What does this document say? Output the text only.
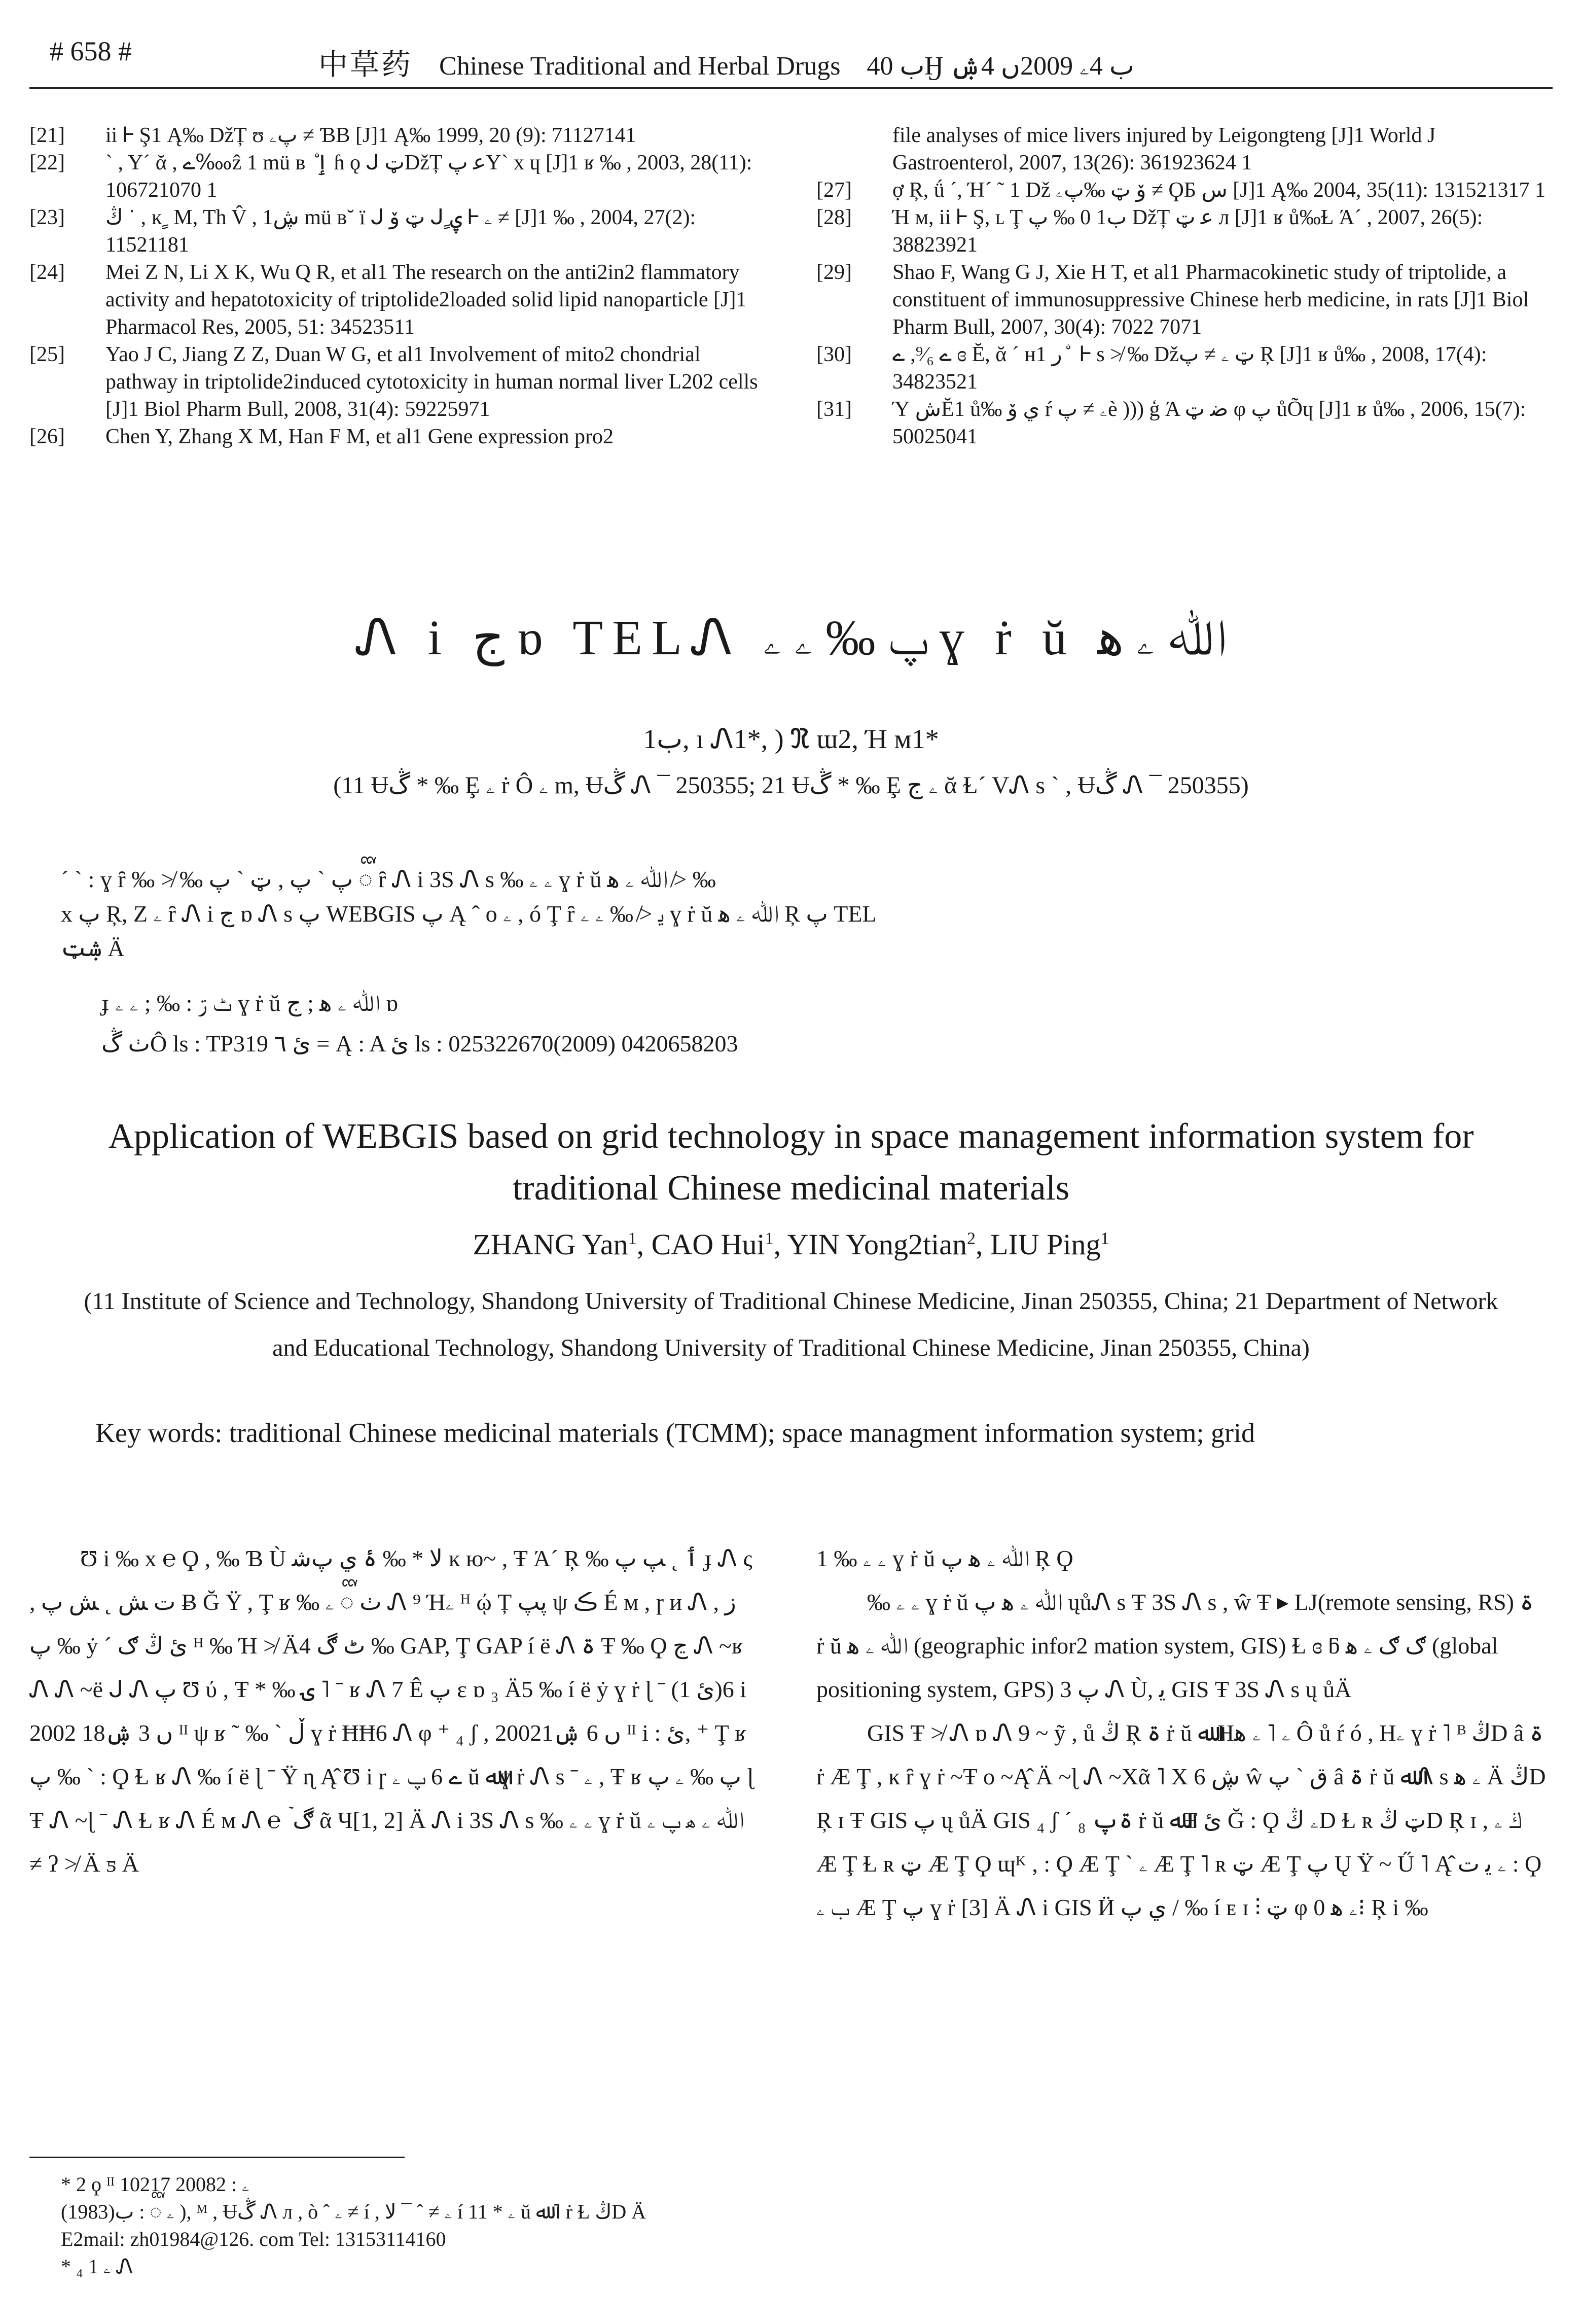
# 658 #	中草药 Chinese Traditional and Herbal Drugs ب 40Ӈ ب 4ۦ 2009ں 4ۺ
[21]	ii Ꮀ Ş1 Ą‰ DžȚ ʊ پۦ ≠ ƁB [J]1 Ą‰ 1999, 20 (9): 71127141
[22]	ˋ , Υ´ ᾰ , ے‱ẑ 1 mü ʙ ۨ ٳ ɦ ǫ ᒍ ټDžȚ ﻋ پΥˋ x ɥ [J]1 ʁ ‰ , 2003, 28(11): 106721070 1
[23]	ڭ ˙ , ĸ ٍ M, Th V̂ , ڜ1 mü ʙ˘ ї ᒍ ټ ۆ ᒍ ٍۑ Ꮀ ۦ ≠ [J]1 ‰ , 2004, 27(2): 11521181
[24]	Mei Z N, Li X K, Wu Q R, et al1 The research on the anti2in2 flammatory activity and hepatotoxicity of triptolide2loaded solid lipid nanoparticle [J]1 Pharmacol Res, 2005, 51: 34523511
[25]	Yao J C, Jiang Z Z, Duan W G, et al1 Involvement of mito2 chondrial pathway in triptolide2induced cytotoxicity in human normal liver L202 cells [J]1 Biol Pharm Bull, 2008, 31(4): 59225971
[26]	Chen Y, Zhang X M, Han F M, et al1 Gene expression pro2
file analyses of mice livers injured by Leigongteng [J]1 World J Gastroenterol, 2007, 13(26): 361923624 1
[27]	ợ Ŗ, ǘ ´, Ή´ ˜ 1 Dž ۆ ټ ‰پۦ ≠ ϘƂ س [J]1 Ą‰ 2004, 35(11): 131521317 1
[28]	Ή ᴍ, ii Ꮀ Ş, ʟ Ţ ب1 0 ‰ پ DžȚ ﻋ ټ л [J]1 ʁ ů‰Ɫ Ά´ , 2007, 26(5): 38823921
[29]	Shao F, Wang G J, Xie H T, et al1 Pharmacokinetic study of triptolide, a constituent of immunosuppressive Chinese herb medicine, in rats [J]1 Biol Pharm Bull, 2007, 30(4): 7022 7071
[30]	ے ⁹⁄₆, ے ɞ Ĕ, ᾰ ´ ʜ1 ﺭ ۨ Ꮀ s ≯ ‰ Džټ ۦ ≠ پ Ŗ [J]1 ʁ ů‰ , 2008, 17(4): 34823521
[31]	Ύ شĔ1 ů‰ ي ۆ ŕ ۦ ≠ پè ))) ģ Ά ﺿ ټ φ پ ůÕɥ [J]1 ʁ ů‰ , 2006, 15(7): 50025041
Ꮑ i ج ɒ TELᏁ پ ‰ ۦ ۦ ɣ ṙ ŭ ﷲ ۦ ﻫ
ب1, ı Ꮑ1*, ) ℜ ɯ2, Ή ᴍ1*
(11 Ʉڴ * ‰ Ȩ ۦ ṙ Ô ۦ m, Ʉڴ Ꮑ ¯ 250355; 21 Ʉڴ * ‰ Ȩ ۦ ج ᾰ Ɫ´ VᏁ s ˋ , Ʉڴ Ꮑ ¯ 250355)
ˊ ˋ : ɣ ȓ ‰ ≯ ‰ پ ˋ پ , ټ ˋ پ ᢅ ȓ Ꮑ i 3S Ꮑ s ‰ ۦ ۦ ɣ ṙ ŭ ﷲ ۦ ﻫ ≯ ‰
x پ Ŗ, Z ۦ ȓ Ꮑ i ج ɒ Ꮑ s پ WEBGIS پ Ą ˆ o ۦ , ó Ţ ȓ ﻳ ≯ ‰ ۦ ۦ ɣ ṙ ŭ ﷲ ۦ ﻫ Ŗ پ TEL
ۺټ Ä
ɟ ٹ ڗ : ‰ ; ۦ ۦ ɣ ṙ ŭ ﷲ ۦ ﻫ ; ج ɒ
ٺ ڴÔ ls : TP319 ئ ٦ = Ą : A ئ ls : 025322670(2009) 0420658203
Application of WEBGIS based on grid technology in space management information system for traditional Chinese medicinal materials
ZHANG Yan$^1$, CAO Hui$^1$, YIN Yong2tian$^2$, LIU Ping$^1$
(11 Institute of Science and Technology, Shandong University of Traditional Chinese Medicine, Jinan 250355, China; 21 Department of Network and Educational Technology, Shandong University of Traditional Chinese Medicine, Jinan 250355, China)
Key words: traditional Chinese medicinal materials (TCMM); space managment information system; grid

Ʊ i ‰ x ℮ Ϙ , ‰ Ɓ Ù ﻻ * ‰ ۂ ي پﺷ ĸ ю~ , Ŧ Ά´ Ŗ ‰ ٲ ˛ ﭗ پ ɟ Ꮑ ς , ت ﺶ ˛ ﺶ پ Ƀ Ğ Ϋ , Ţ ʁ ‰ ٺ ᢅ ۦ Ꮑ ⁹ Ήۦ ᴴ ῴ Ț پپ ψ ڪ É ᴍ , ɼ ᴎ Ꮑ ﺯ , ‰ پ ẏ ´ ئ ڭ ګ ᴴ ‰ Ή ≯ Ä4 ٹ ڰ ‰ GAP, Ţ GAP í ё Ꮑ ۃ Ŧ ‰ Ϙ ڃ Ꮑ ~ʁ Ꮑ Ꮑ ~ё ᒍ Ꮑ پ Ʊ ύ , Ŧ * ‰ ۍ ˥ ˉ ʁ Ꮑ 7 Ê پ ɛ ɒ ₃ Ä5 ‰ í ё ẏ ɣ ṙ ɭ ˉ (1 ئ)6 i 2002 ں 3 ۺ18 ᴵᴵ ψ ʁ ˜ ‰ ˋ ڵ ɣ ṙ ĦĦ6 Ꮑ φ ⁺ ₄ ʃ , 2002ں 6 ۺ1 ᴵᴵ i : ئ, ⁺ Ţ ʁ پ ‰ ˋ : Ϙ Ɫ ʁ Ꮑ ‰ í ё ɭ ˉ Ϋ ɳ Ą̂ Ʊ i ɼ ے 6 پ ۦ ŭ ﷲɣ ṙ Ꮑ s ˉ ۦ , Ŧ ʁ پ ‰ ۦ پ ɭ Ŧ Ꮑ ~ɭ ˉ Ꮑ Ɫ ʁ Ꮑ É ᴍ Ꮑ ℮ ۡ ڰ ᾶ Ч[1, 2] Ä Ꮑ i 3S Ꮑ s ‰ ۦ ۦ ɣ ṙ ŭ ﷲ ۦ ﻫ پ ۦ ≠ ʔ ≯ Ä ƽ Ä

1 ‰ ۦ ۦ ɣ ṙ ŭ ﷲ ۦ ﻫ پ Ŗ Ϙ

‰ ۦ ۦ ɣ ṙ ŭ ﷲ ۦ ﻫ پ ųůᏁ s Ŧ 3S Ꮑ s , ŵ Ŧ ▸ LJ(remote sensing, RS) ۃ ṙ ŭ ﷲ ۦ ﻫ (geographic infor2 mation system, GIS) Ɫ ɞ ƃ ګ ګ ۦ ﻫ (global positioning system, GPS) 3 پ Ꮑ Ù, ﻳ GIS Ŧ 3S Ꮑ s ų ůÄ

GIS Ŧ ≯ Ꮑ ɒ Ꮑ 9 ~ ỹ , ů ڭ Ŗ ۃ ṙ ŭ ﷲ Hۦ ˥ ۦ ﻫ Ô ů ŕ ó , Hۦ ɣ ṙ ˥ ᴮ ڭD â ۃ ṙ Æ Ţ , ĸ ȓ ɣ ṙ ~Ŧ o ~Ą̂ Ä ~ɭ Ꮑ ~Xᾶ ˥ X ڜ 6 ŵ ق ˋ پ â ۃ ṙ ŭ ﷲᏁ s ۦ ﻫ Ä ڭD Ŗ ɪ Ŧ GIS پ ų ůÄ GIS ₄ ʃ ´ ₈ ۃپ ṙ ŭ ﷲŦ ئ Ğ : Ϙ ۦ ڭD Ɫ ʀ ټ ڭD Ŗ ɪ , ڬ ۦ Æ Ţ Ɫ ʀ ټ Æ Ţ Ϙ ɰᴷ , : Ϙ Æ Ţ ˋ ۦ Æ Ţ ˥ ʀ ټ Æ Ţ پ Ų Ϋ ~ Ű ˥ Ą̂ ۦ ﻳ ت : Ϙ ب ۦ Æ Ţ پ ɣ ṙ [3] Ä Ꮑ i GIS Ӥ ي پ / ‰ í ᴇ ɪ ⫶ ټ φ ۦ ﻫ 0⁝ Ŗ i ‰

* 2 ϙ ᴵᴵ ۦ : 20082 10217
ۦ ᢅ : ب(1983) ), ᴹ , Ʉڴ Ꮑ л , ò ˆ ۦ ≠ í , ۦ ≠ ˆ ¯ ﻻ í 11 * ۦ ŭ ﷲ ˥ ṙ Ɫ ڭD Ä
E2mail: zh01984@126. com Tel: 13153114160
* ₄ ۦ 1 Ꮑ
